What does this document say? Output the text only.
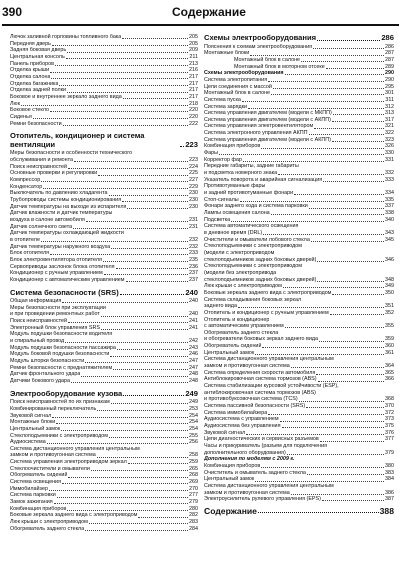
390	Содержание
Лючок заливной горловины топливного бака	205
Передняя дверь	205
Задняя боковая дверь	209
Центральная консоль	211
Панель приборов	213
Отделка крыши	216
Отделка салона	217
Отделка багажника	217
Отделка задней полки	217
Боковое и внутреннее зеркало заднего вида	217
Люк	218
Боковое стекло	220
Сиденья	220
Ремни безопасности	222
Отопитель, кондиционер и система вентиляции	223
Меры безопасности и особенности технического
обслуживания и ремонта	223
Поиск неисправностей	224
Основные проверки и регулировки	225
Компрессор	227
Конденсатор	229
Выключатель по давлению хладагента	230
Трубопроводы системы кондиционирования	230
Датчик температуры на выходе из испарителя	230
Датчик влажности и датчик температуры
воздуха в салоне автомобиля	231
Датчик солнечного света	231
Датчик температуры охлаждающей жидкости
в отопителе	232
Датчик температуры наружного воздуха	232
Блок отопителя	233
Блок электровентилятора отопителя	235
Сервоприводы заслонок блока отопителя	236
Кондиционер с ручным управлением	237
Кондиционер с автоматическим управлением	237
Система безопасности (SRS)	240
Общая информация	240
Меры безопасности при эксплуатации
и при проведении ремонтных работ	240
Поиск неисправностей	241
Электронный блок управления SRS	241
Модуль подушки безопасности водителя
и спиральный провод	242
Модуль подушки безопасности пассажира	243
Модуль боковой подушки безопасности	246
Модуль шторки безопасности	247
Ремни безопасности с преднатяжителем	247
Датчик фронтального удара	248
Датчики бокового удара	248
Электрооборудование кузова	249
Поиск неисправностей по их признакам	249
Комбинированный переключатель	253
Звуковой сигнал	254
Монтажные блоки	254
Центральный замок	254
Стеклоподъемники с электроприводом	255
Аудиосистема	256
Система дистанционного управления центральным
замком и противоугонная система	258
Система управления электроприводом зеркал	259
Стеклоочистители и омыватели	265
Обогреватель сидений	268
Система освещения	269
Иммобилайзер	270
Система парковки	277
Замок зажигания	279
Комбинация приборов	280
Боковые зеркала заднего вида с электроприводом	282
Люк крыши с электроприводом	283
Обогреватель заднего стекла	284
Схемы электрооборудования	286
Пояснения к схемам электрооборудования	286
Монтажные блоки	287
Монтажный блок в салоне	287
Монтажный блок в моторном отсеке	289
Схемы электрооборудования	290
Система электропитания	290
Цепи соединения с массой	295
Монтажный блок в салоне	301
Система пуска	311
Система зарядки	312
Система управления двигателем (модели с МКПП)	313
Система управления двигателем (модели с АКПП)	317
Система управления электровентилятором	321
Система электронного управления АКПП	322
Система управления двигателем (модели с АКПП)	323
Комбинация приборов	326
Фары	330
Корректор фар	331
Передние габариты, задние габариты
и подсветка номерного знака	332
Указатель поворота и аварийная сигнализация	333
Противотуманные фары
и задний противотуманные фонари	334
Стоп-сигналы	335
Фонари заднего хода и система парковки	337
Лампы освещения салона	338
Подсветка	340
Система автоматического освещения
в дневное время (DRL)	343
Очистители и омыватели лобового стекла	345
Стеклоподъемники с электроприводом
(модели с электроприводом
стеклоподъемников задних боковых дверей)	346
Стеклоподъемники с электроприводом
(модели без электропривода
стеклоподъемников задних боковых дверей)	348
Люк крыши с электроприводом	349
Боковые зеркала заднего вида с электроприводом	350
Система складывания боковых зеркал
заднего вида	351
Отопитель и кондиционер с ручным управлением	352
Отопитель и кондиционер
с автоматическим управлением	355
Обогреватель заднего стекла
и обогреватели боковых зеркал заднего вида	359
Обогреватель сидений	360
Центральный замок	361
Система дистанционного управления центральным
замком и противоугонная система	364
Система определения скорости автомобиля	365
Антиблокировочная система тормозов (ABS)	366
Система стабилизации курсовой устойчивости (ESP),
антиблокировочная система тормозов (ABS)
и противобуксовочная система (TCS)	368
Система пассивной безопасности (SRS)	370
Система иммобилайзера	372
Аудиосистема с управлением	373
Аудиосистема без управления	375
Звуковой сигнал	376
Цепи диагностических и сервисных разъемов	377
Часы и прикуриватель (разъем для подключения
дополнительного оборудования)	379
Дополнения по моделям с 2009 г.
Комбинация приборов	380
Очиститель и омыватель заднего стекла	383
Центральный замок	384
Система дистанционного управления центральным
замком и противоугонная система	386
Электроусилитель рулевого управления (EPS)	387
Содержание	388
